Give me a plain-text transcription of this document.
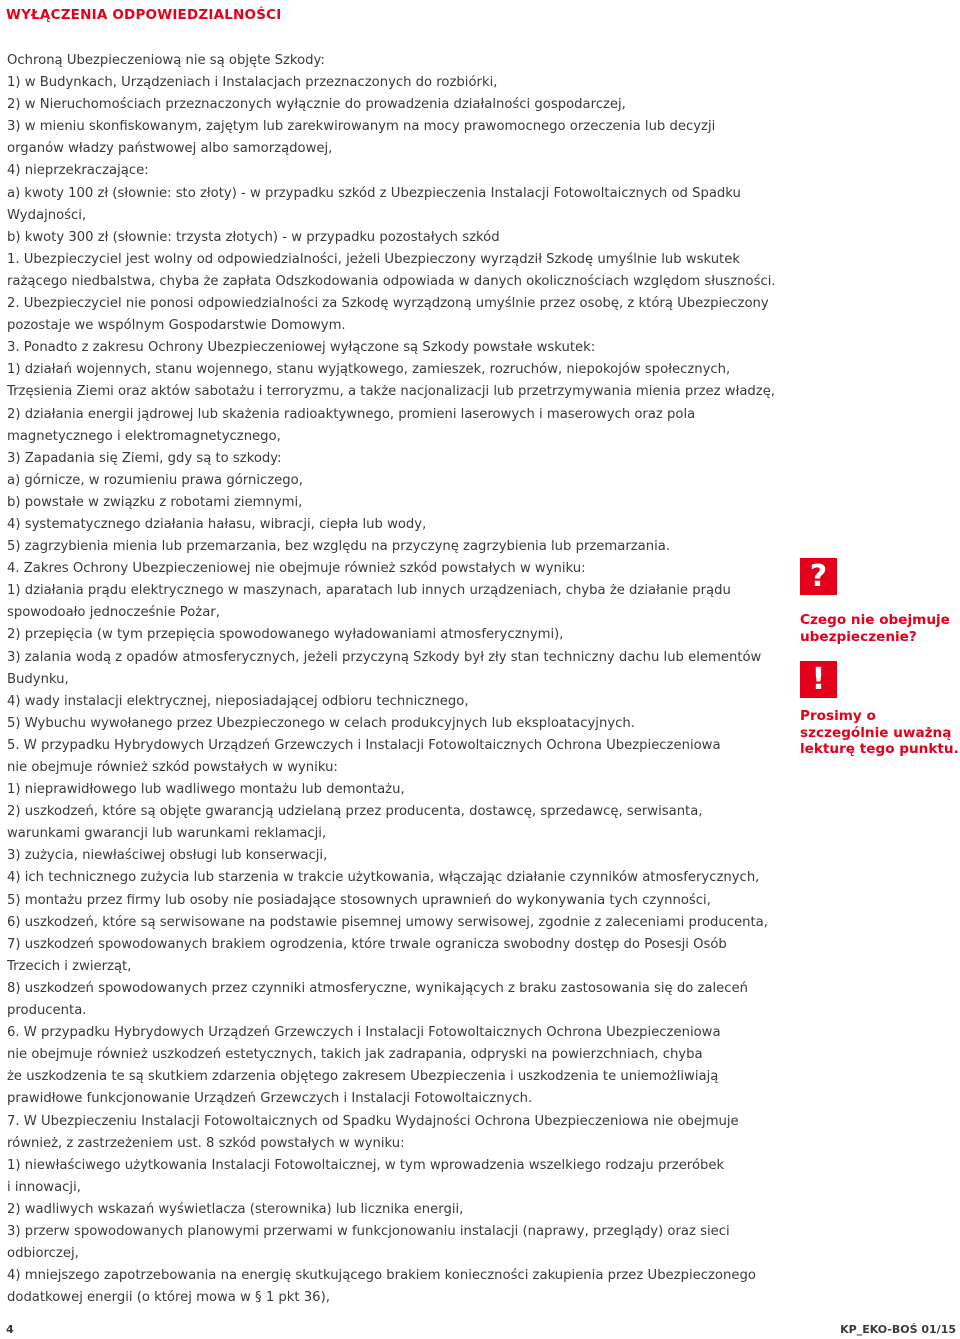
WYŁĄCZENIA ODPOWIEDZIALNOŚCI

Ochroną Ubezpieczeniową nie są objęte Szkody:

1) w Budynkach, Urządzeniach i Instalacjach przeznaczonych do rozbiórki,

2) w Nieruchomościach przeznaczonych wyłącznie do prowadzenia działalności gospodarczej,

3) w mieniu skonfiskowanym, zajętym lub zarekwirowanym na mocy prawomocnego orzeczenia lub decyzji

organów władzy państwowej albo samorządowej,

4) nieprzekraczające:

a) kwoty 100 zł (słownie: sto złoty) - w przypadku szkód z Ubezpieczenia Instalacji Fotowoltaicznych od Spadku

Wydajności,

b) kwoty 300 zł (słownie: trzysta złotych) - w przypadku pozostałych szkód

1. Ubezpieczyciel jest wolny od odpowiedzialności, jeżeli Ubezpieczony wyrządził Szkodę umyślnie lub wskutek

rażącego niedbalstwa, chyba że zapłata Odszkodowania odpowiada w danych okolicznościach względom słuszności.

2. Ubezpieczyciel nie ponosi odpowiedzialności za Szkodę wyrządzoną umyślnie przez osobę, z którą Ubezpieczony

pozostaje we wspólnym Gospodarstwie Domowym.

3. Ponadto z zakresu Ochrony Ubezpieczeniowej wyłączone są Szkody powstałe wskutek:

1) działań wojennych, stanu wojennego, stanu wyjątkowego, zamieszek, rozruchów, niepokojów społecznych,

Trzęsienia Ziemi oraz aktów sabotażu i terroryzmu, a także nacjonalizacji lub przetrzymywania mienia przez władzę,

2) działania energii jądrowej lub skażenia radioaktywnego, promieni laserowych i maserowych oraz pola

magnetycznego i elektromagnetycznego,

3) Zapadania się Ziemi, gdy są to szkody:

a) górnicze, w rozumieniu prawa górniczego,

b) powstałe w związku z robotami ziemnymi,

4) systematycznego działania hałasu, wibracji, ciepła lub wody,

5) zagrzybienia mienia lub przemarzania, bez względu na przyczynę zagrzybienia lub przemarzania.

4. Zakres Ochrony Ubezpieczeniowej nie obejmuje również szkód powstałych w wyniku:

1) działania prądu elektrycznego w maszynach, aparatach lub innych urządzeniach, chyba że działanie prądu

spowodoało jednocześnie Pożar,

2) przepięcia (w tym przepięcia spowodowanego wyładowaniami atmosferycznymi),

3) zalania wodą z opadów atmosferycznych, jeżeli przyczyną Szkody był zły stan techniczny dachu lub elementów

Budynku,

4) wady instalacji elektrycznej, nieposiadającej odbioru technicznego,

5) Wybuchu wywołanego przez Ubezpieczonego w celach produkcyjnych lub eksploatacyjnych.

5. W przypadku Hybrydowych Urządzeń Grzewczych i Instalacji Fotowoltaicznych Ochrona Ubezpieczeniowa

nie obejmuje również szkód powstałych w wyniku:

1) nieprawidłowego lub wadliwego montażu lub demontażu,

2) uszkodzeń, które są objęte gwarancją udzielaną przez producenta, dostawcę, sprzedawcę, serwisanta,

warunkami gwarancji lub warunkami reklamacji,

3) zużycia, niewłaściwej obsługi lub konserwacji,

4) ich technicznego zużycia lub starzenia w trakcie użytkowania, włączając działanie czynników atmosferycznych,

5) montażu przez firmy lub osoby nie posiadające stosownych uprawnień do wykonywania tych czynności,

6) uszkodzeń, które są serwisowane na podstawie pisemnej umowy serwisowej, zgodnie z zaleceniami producenta,

7) uszkodzeń spowodowanych brakiem ogrodzenia, które trwale ogranicza swobodny dostęp do Posesji Osób

Trzecich i zwierząt,

8) uszkodzeń spowodowanych przez czynniki atmosferyczne, wynikających z braku zastosowania się do zaleceń

producenta.

6. W przypadku Hybrydowych Urządzeń Grzewczych i Instalacji Fotowoltaicznych Ochrona Ubezpieczeniowa

nie obejmuje również uszkodzeń estetycznych, takich jak zadrapania, odpryski na powierzchniach, chyba

że uszkodzenia te są skutkiem zdarzenia objętego zakresem Ubezpieczenia i uszkodzenia te uniemożliwiają

prawidłowe funkcjonowanie Urządzeń Grzewczych i Instalacji Fotowoltaicznych.

7. W Ubezpieczeniu Instalacji Fotowoltaicznych od Spadku Wydajności Ochrona Ubezpieczeniowa nie obejmuje

również, z zastrzeżeniem ust. 8 szkód powstałych w wyniku:

1) niewłaściwego użytkowania Instalacji Fotowoltaicznej, w tym wprowadzenia wszelkiego rodzaju przeróbek

i innowacji,

2) wadliwych wskazań wyświetlacza (sterownika) lub licznika energii,

3) przerw spowodowanych planowymi przerwami w funkcjonowaniu instalacji (naprawy, przeglądy) oraz sieci

odbiorczej,

4) mniejszego zapotrzebowania na energię skutkującego brakiem konieczności zakupienia przez Ubezpieczonego

dodatkowej energii (o której mowa w § 1 pkt 36),

?
Czego nie obejmuje ubezpieczenie?
!
Prosimy o szczególnie uważną lekturę tego punktu.
4	KP_EKO-BOŚ 01/15
